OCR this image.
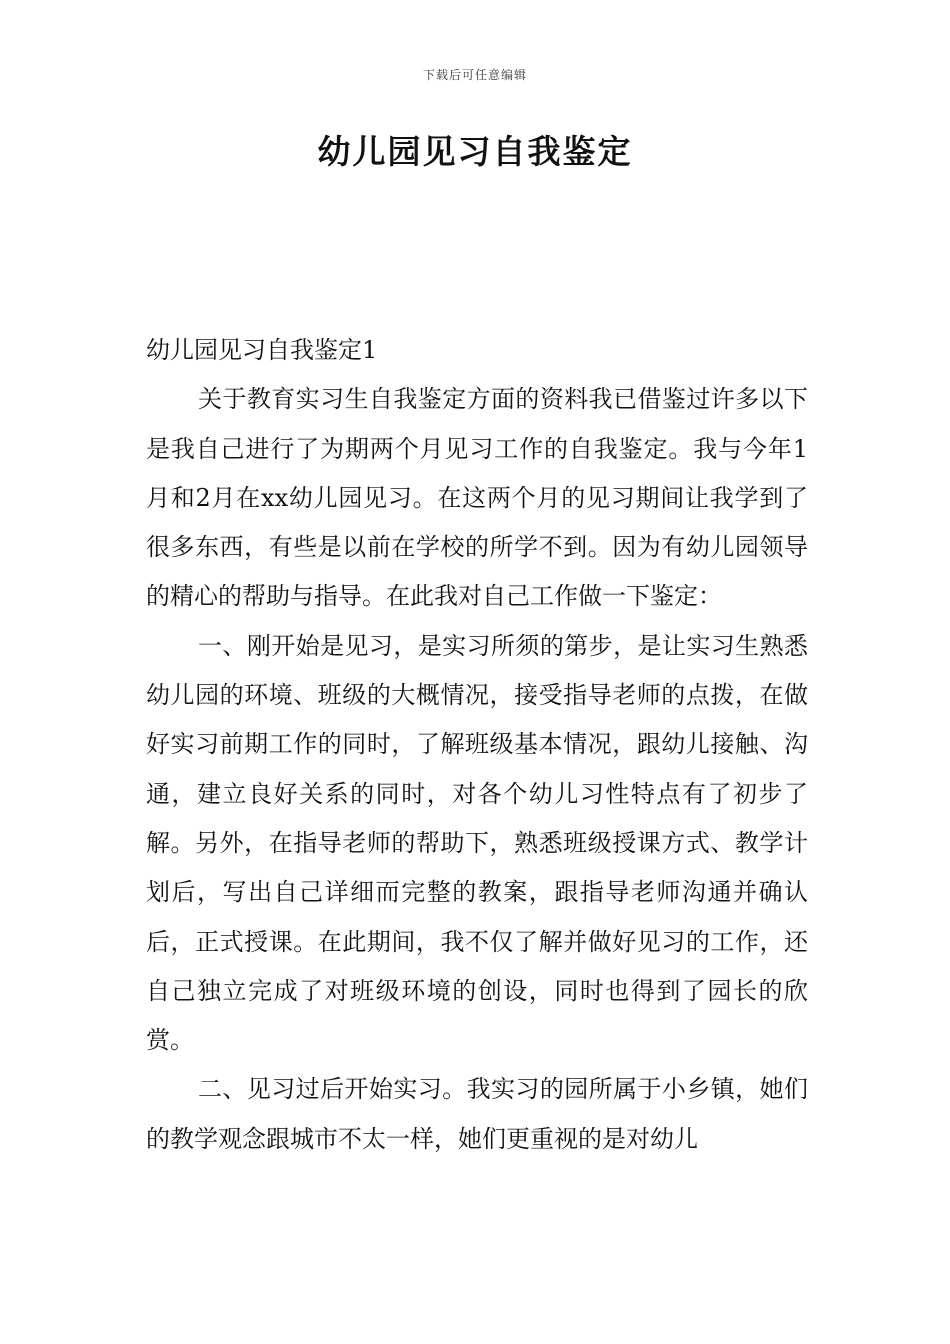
下载后可任意编辑
幼儿园见习自我鉴定

幼儿园见习自我鉴定1

关于教育实习生自我鉴定方面的资料我已借鉴过许多以下是我自己进行了为期两个月见习工作的自我鉴定。我与今年1月和2月在xx幼儿园见习。在这两个月的见习期间让我学到了很多东西，有些是以前在学校的所学不到。因为有幼儿园领导的精心的帮助与指导。在此我对自己工作做一下鉴定：

一、刚开始是见习，是实习所须的第步，是让实习生熟悉幼儿园的环境、班级的大概情况，接受指导老师的点拨，在做好实习前期工作的同时，了解班级基本情况，跟幼儿接触、沟通，建立良好关系的同时，对各个幼儿习性特点有了初步了解。另外，在指导老师的帮助下，熟悉班级授课方式、教学计划后，写出自己详细而完整的教案，跟指导老师沟通并确认后，正式授课。在此期间，我不仅了解并做好见习的工作，还自己独立完成了对班级环境的创设，同时也得到了园长的欣赏。

二、见习过后开始实习。我实习的园所属于小乡镇，她们的教学观念跟城市不太一样，她们更重视的是对幼儿
